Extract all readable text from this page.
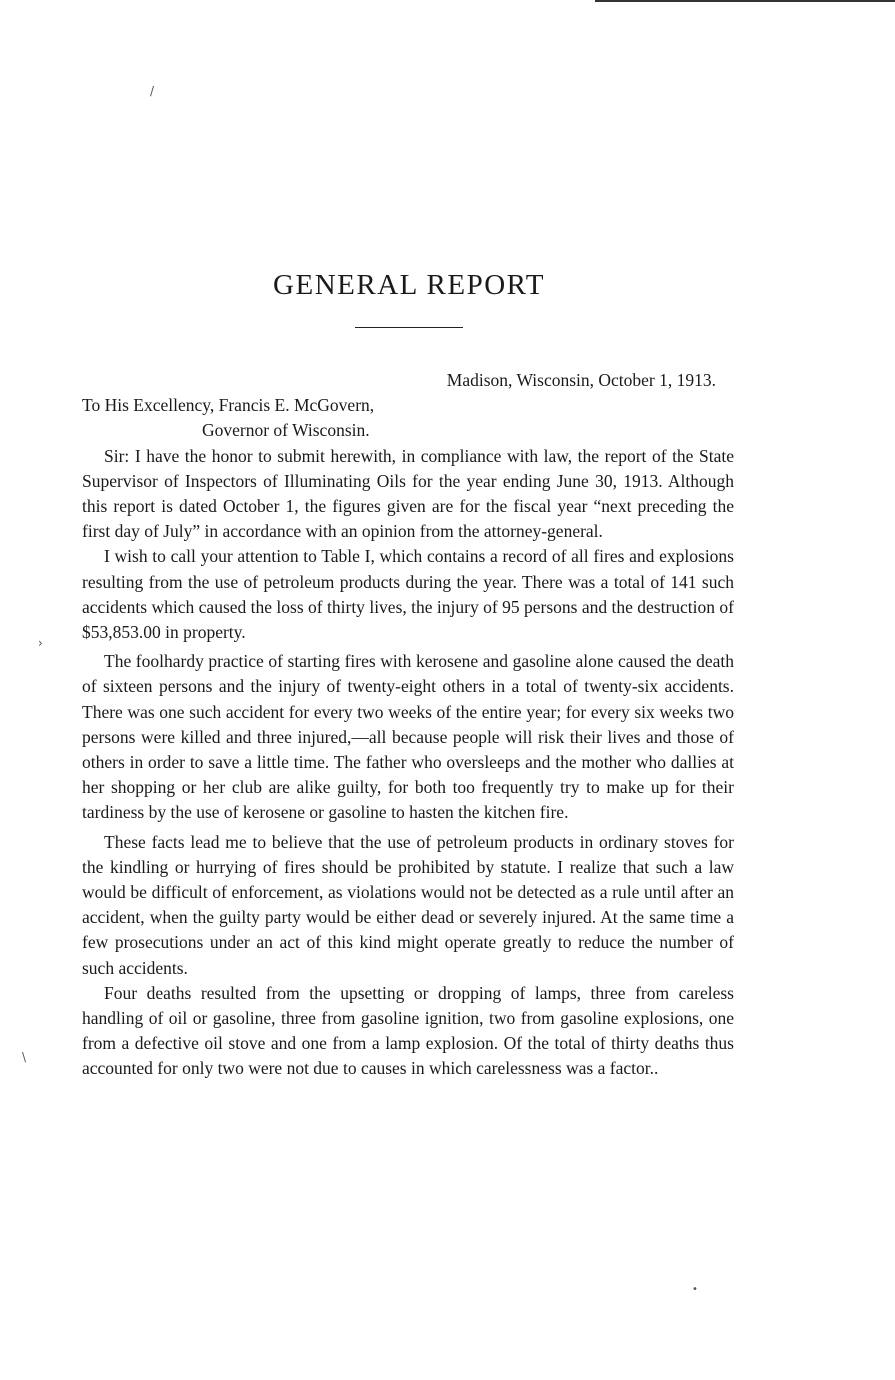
/
›
\
•
GENERAL REPORT

Madison, Wisconsin, October 1, 1913.

To His Excellency, Francis E. McGovern,

Governor of Wisconsin.

Sir: I have the honor to submit herewith, in compliance with law, the report of the State Supervisor of Inspectors of Illuminating Oils for the year ending June 30, 1913. Although this report is dated October 1, the figures given are for the fiscal year “next preceding the first day of July” in accordance with an opinion from the attorney-general.

I wish to call your attention to Table I, which contains a record of all fires and explosions resulting from the use of petroleum products during the year. There was a total of 141 such accidents which caused the loss of thirty lives, the injury of 95 persons and the destruction of $53,853.00 in property.

The foolhardy practice of starting fires with kerosene and gasoline alone caused the death of sixteen persons and the injury of twenty-eight others in a total of twenty-six accidents. There was one such accident for every two weeks of the entire year; for every six weeks two persons were killed and three injured,—all because people will risk their lives and those of others in order to save a little time. The father who oversleeps and the mother who dallies at her shopping or her club are alike guilty, for both too frequently try to make up for their tardiness by the use of kerosene or gasoline to hasten the kitchen fire.

These facts lead me to believe that the use of petroleum products in ordinary stoves for the kindling or hurrying of fires should be prohibited by statute. I realize that such a law would be difficult of enforcement, as violations would not be detected as a rule until after an accident, when the guilty party would be either dead or severely injured. At the same time a few prosecutions under an act of this kind might operate greatly to reduce the number of such accidents.

Four deaths resulted from the upsetting or dropping of lamps, three from careless handling of oil or gasoline, three from gasoline ignition, two from gasoline explosions, one from a defective oil stove and one from a lamp explosion. Of the total of thirty deaths thus accounted for only two were not due to causes in which carelessness was a factor..
